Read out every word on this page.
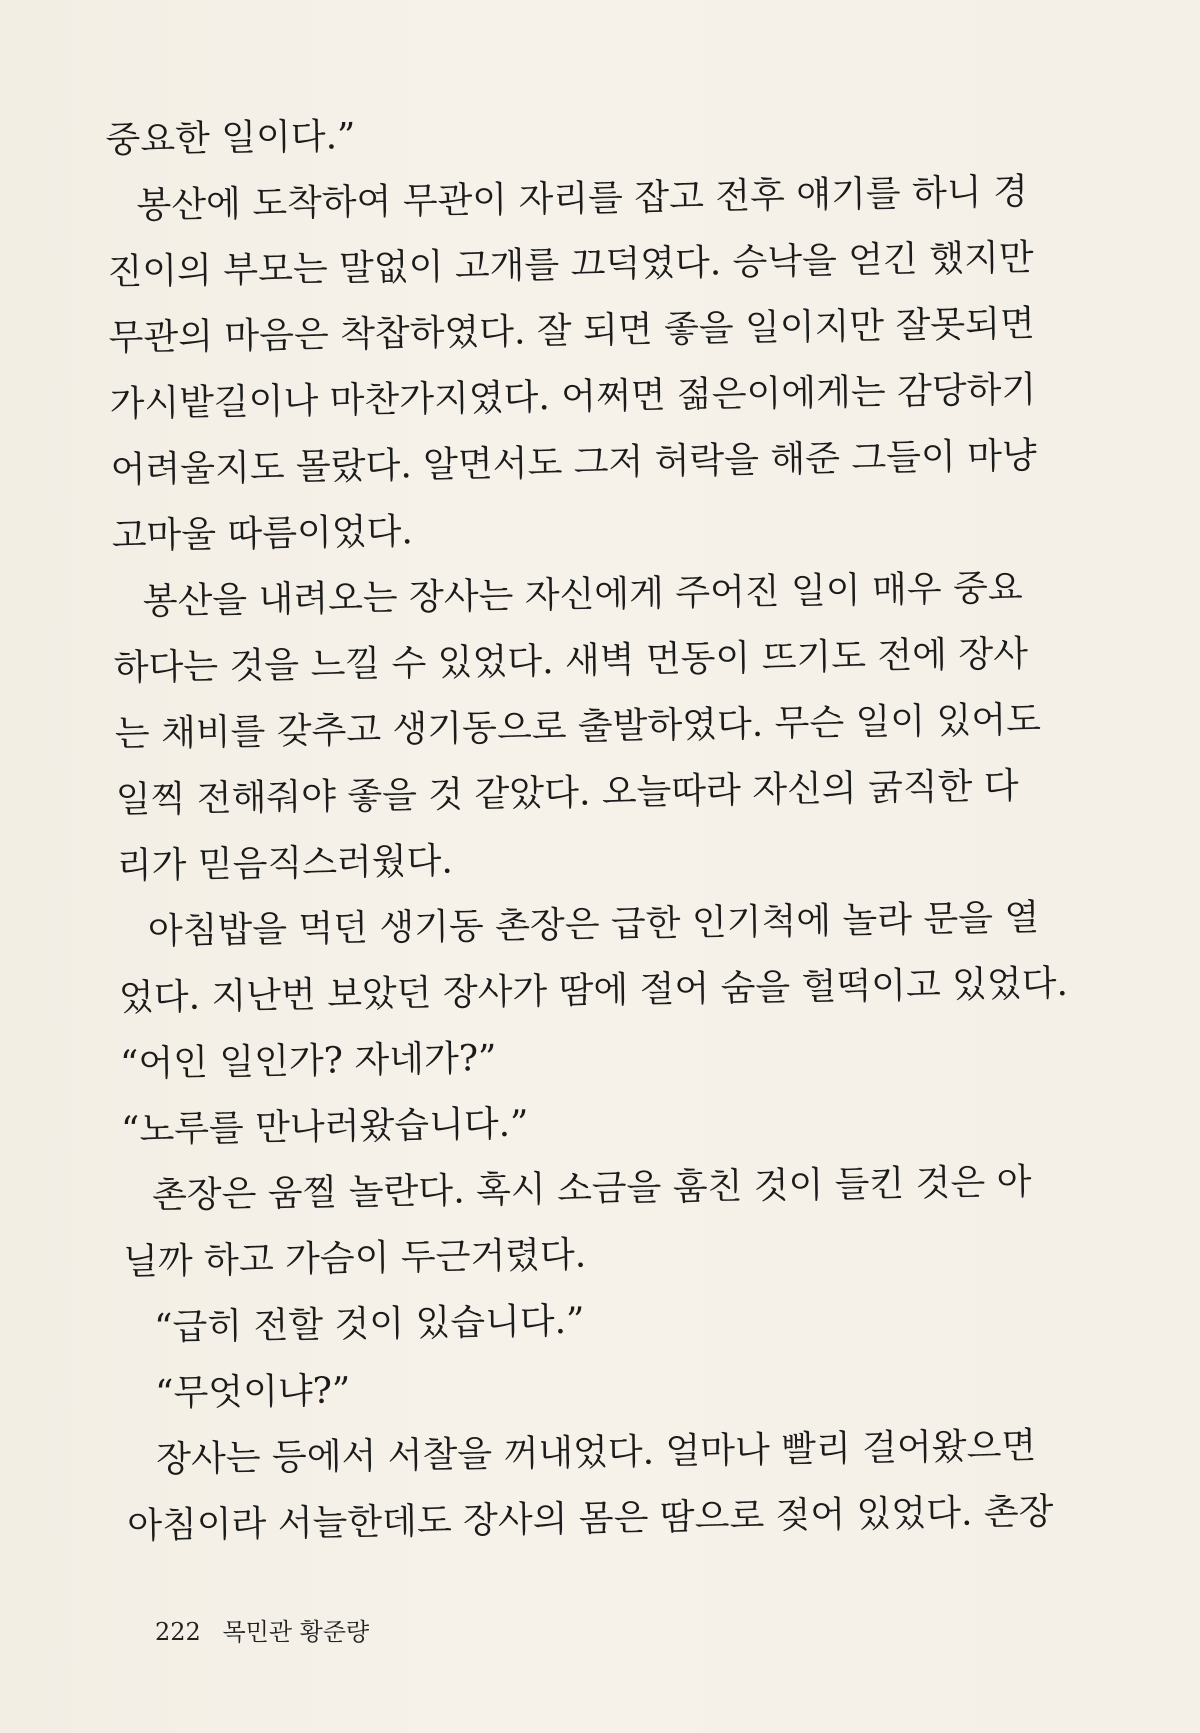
중요한 일이다.”
봉산에 도착하여 무관이 자리를 잡고 전후 얘기를 하니 경
진이의 부모는 말없이 고개를 끄덕였다. 승낙을 얻긴 했지만
무관의 마음은 착찹하였다. 잘 되면 좋을 일이지만 잘못되면
가시밭길이나 마찬가지였다. 어쩌면 젊은이에게는 감당하기
어려울지도 몰랐다. 알면서도 그저 허락을 해준 그들이 마냥
고마울 따름이었다.
봉산을 내려오는 장사는 자신에게 주어진 일이 매우 중요
하다는 것을 느낄 수 있었다. 새벽 먼동이 뜨기도 전에 장사
는 채비를 갖추고 생기동으로 출발하였다. 무슨 일이 있어도
일찍 전해줘야 좋을 것 같았다. 오늘따라 자신의 굵직한 다
리가 믿음직스러웠다.
아침밥을 먹던 생기동 촌장은 급한 인기척에 놀라 문을 열
었다. 지난번 보았던 장사가 땀에 절어 숨을 헐떡이고 있었다.
“어인 일인가? 자네가?”
“노루를 만나러왔습니다.”
촌장은 움찔 놀란다. 혹시 소금을 훔친 것이 들킨 것은 아
닐까 하고 가슴이 두근거렸다.
“급히 전할 것이 있습니다.”
“무엇이냐?”
장사는 등에서 서찰을 꺼내었다. 얼마나 빨리 걸어왔으면
아침이라 서늘한데도 장사의 몸은 땀으로 젖어 있었다. 촌장
222 목민관 황준량
